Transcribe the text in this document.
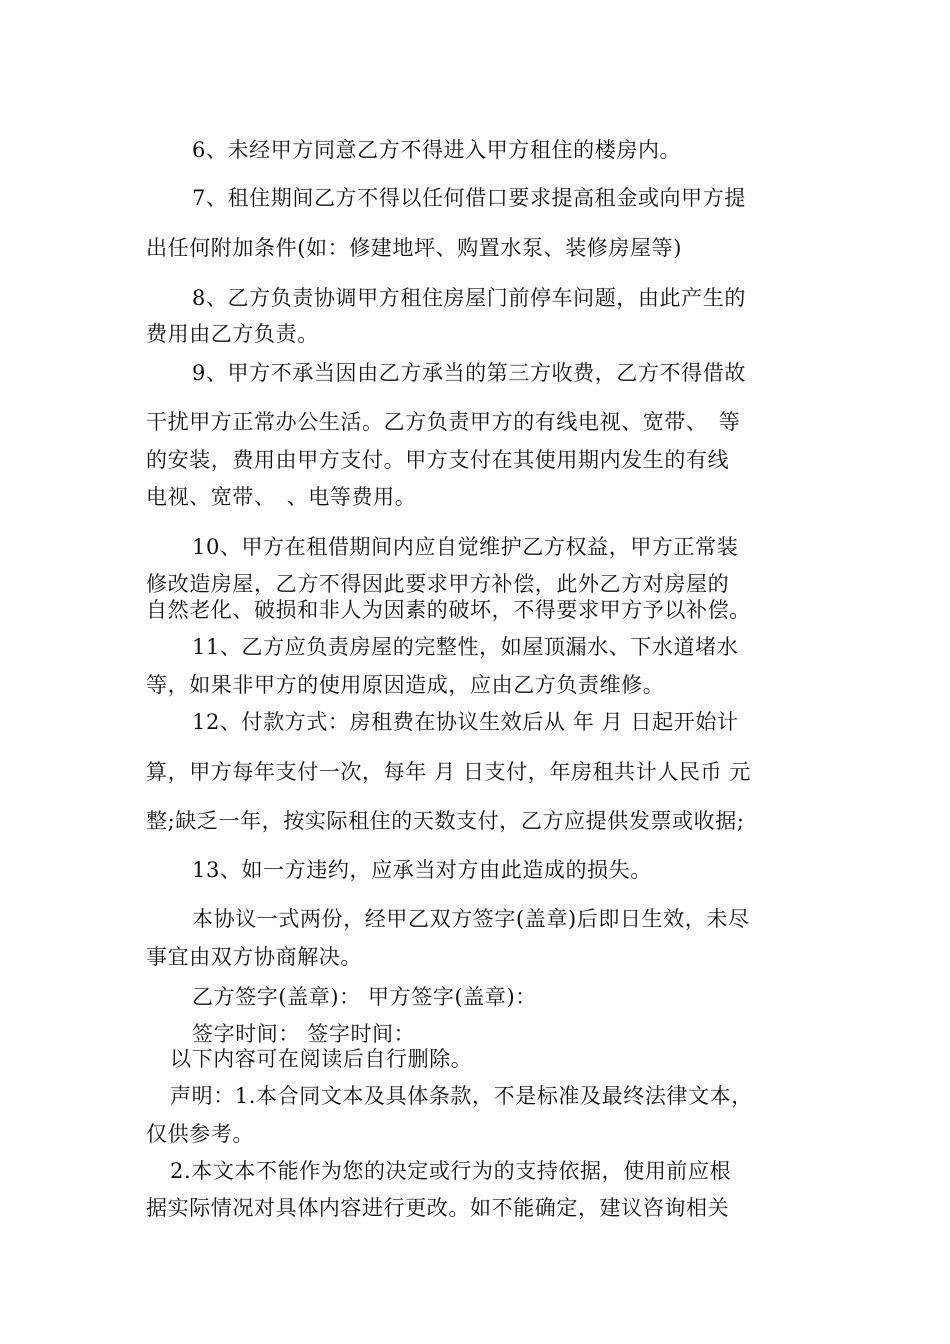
6、未经甲方同意乙方不得进入甲方租住的楼房内。
7、租住期间乙方不得以任何借口要求提高租金或向甲方提
出任何附加条件(如：修建地坪、购置水泵、装修房屋等)
8、乙方负责协调甲方租住房屋门前停车问题，由此产生的
费用由乙方负责。
9、甲方不承当因由乙方承当的第三方收费，乙方不得借故
干扰甲方正常办公生活。乙方负责甲方的有线电视、宽带、　等
的安装，费用由甲方支付。甲方支付在其使用期内发生的有线
电视、宽带、　、电等费用。
10、甲方在租借期间内应自觉维护乙方权益，甲方正常装
修改造房屋，乙方不得因此要求甲方补偿，此外乙方对房屋的
自然老化、破损和非人为因素的破坏，不得要求甲方予以补偿。
11、乙方应负责房屋的完整性，如屋顶漏水、下水道堵水
等，如果非甲方的使用原因造成，应由乙方负责维修。
12、付款方式：房租费在协议生效后从 年 月 日起开始计
算，甲方每年支付一次，每年 月 日支付，年房租共计人民币 元
整;缺乏一年，按实际租住的天数支付，乙方应提供发票或收据;
13、如一方违约，应承当对方由此造成的损失。
本协议一式两份，经甲乙双方签字(盖章)后即日生效，未尽
事宜由双方协商解决。
乙方签字(盖章)： 甲方签字(盖章)：
签字时间： 签字时间：
以下内容可在阅读后自行删除。
声明：1.本合同文本及具体条款，不是标准及最终法律文本，
仅供参考。
2.本文本不能作为您的决定或行为的支持依据，使用前应根
据实际情况对具体内容进行更改。如不能确定，建议咨询相关
